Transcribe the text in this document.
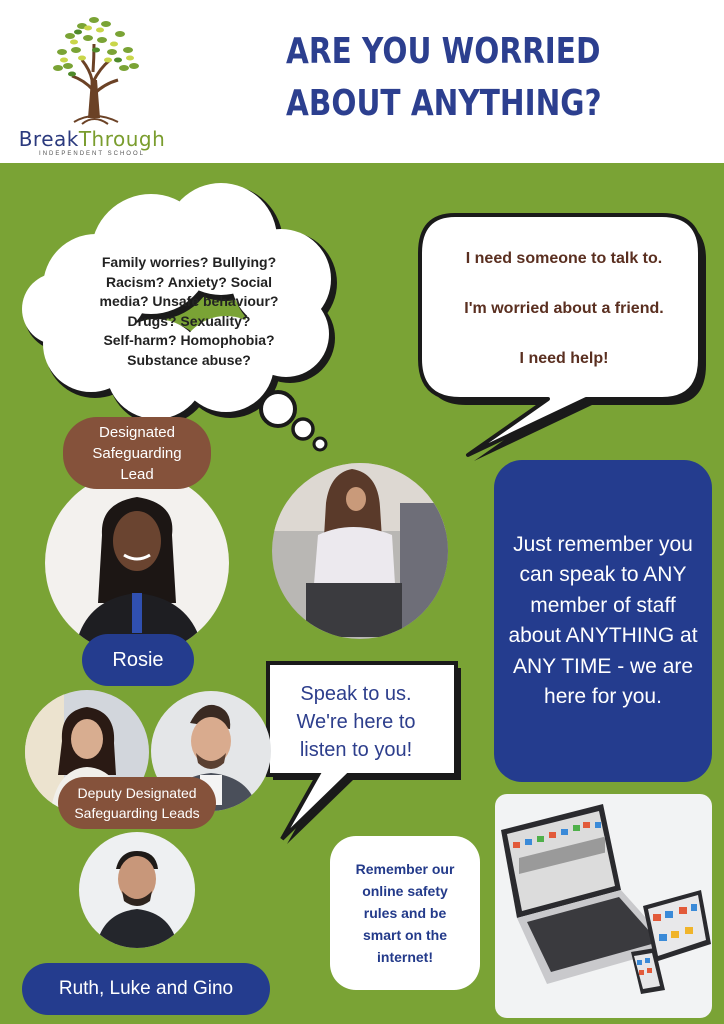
BreakThrough
INDEPENDENT SCHOOL
ARE YOU WORRIED
ABOUT ANYTHING?
Family worries? Bullying?
Racism? Anxiety? Social
media? Unsafe behaviour?
Drugs? Sexuality?
Self-harm? Homophobia?
Substance abuse?
I need someone to talk to.
I'm worried about a friend.
I need help!
Designated
Safeguarding
Lead
Rosie
Just remember you can speak to ANY member of staff about ANYTHING at ANY TIME - we are here for you.
Speak to us.
We're here to
listen to you!
Deputy Designated
Safeguarding Leads
Ruth, Luke and Gino
Remember our
online safety
rules and be
smart on the
internet!
